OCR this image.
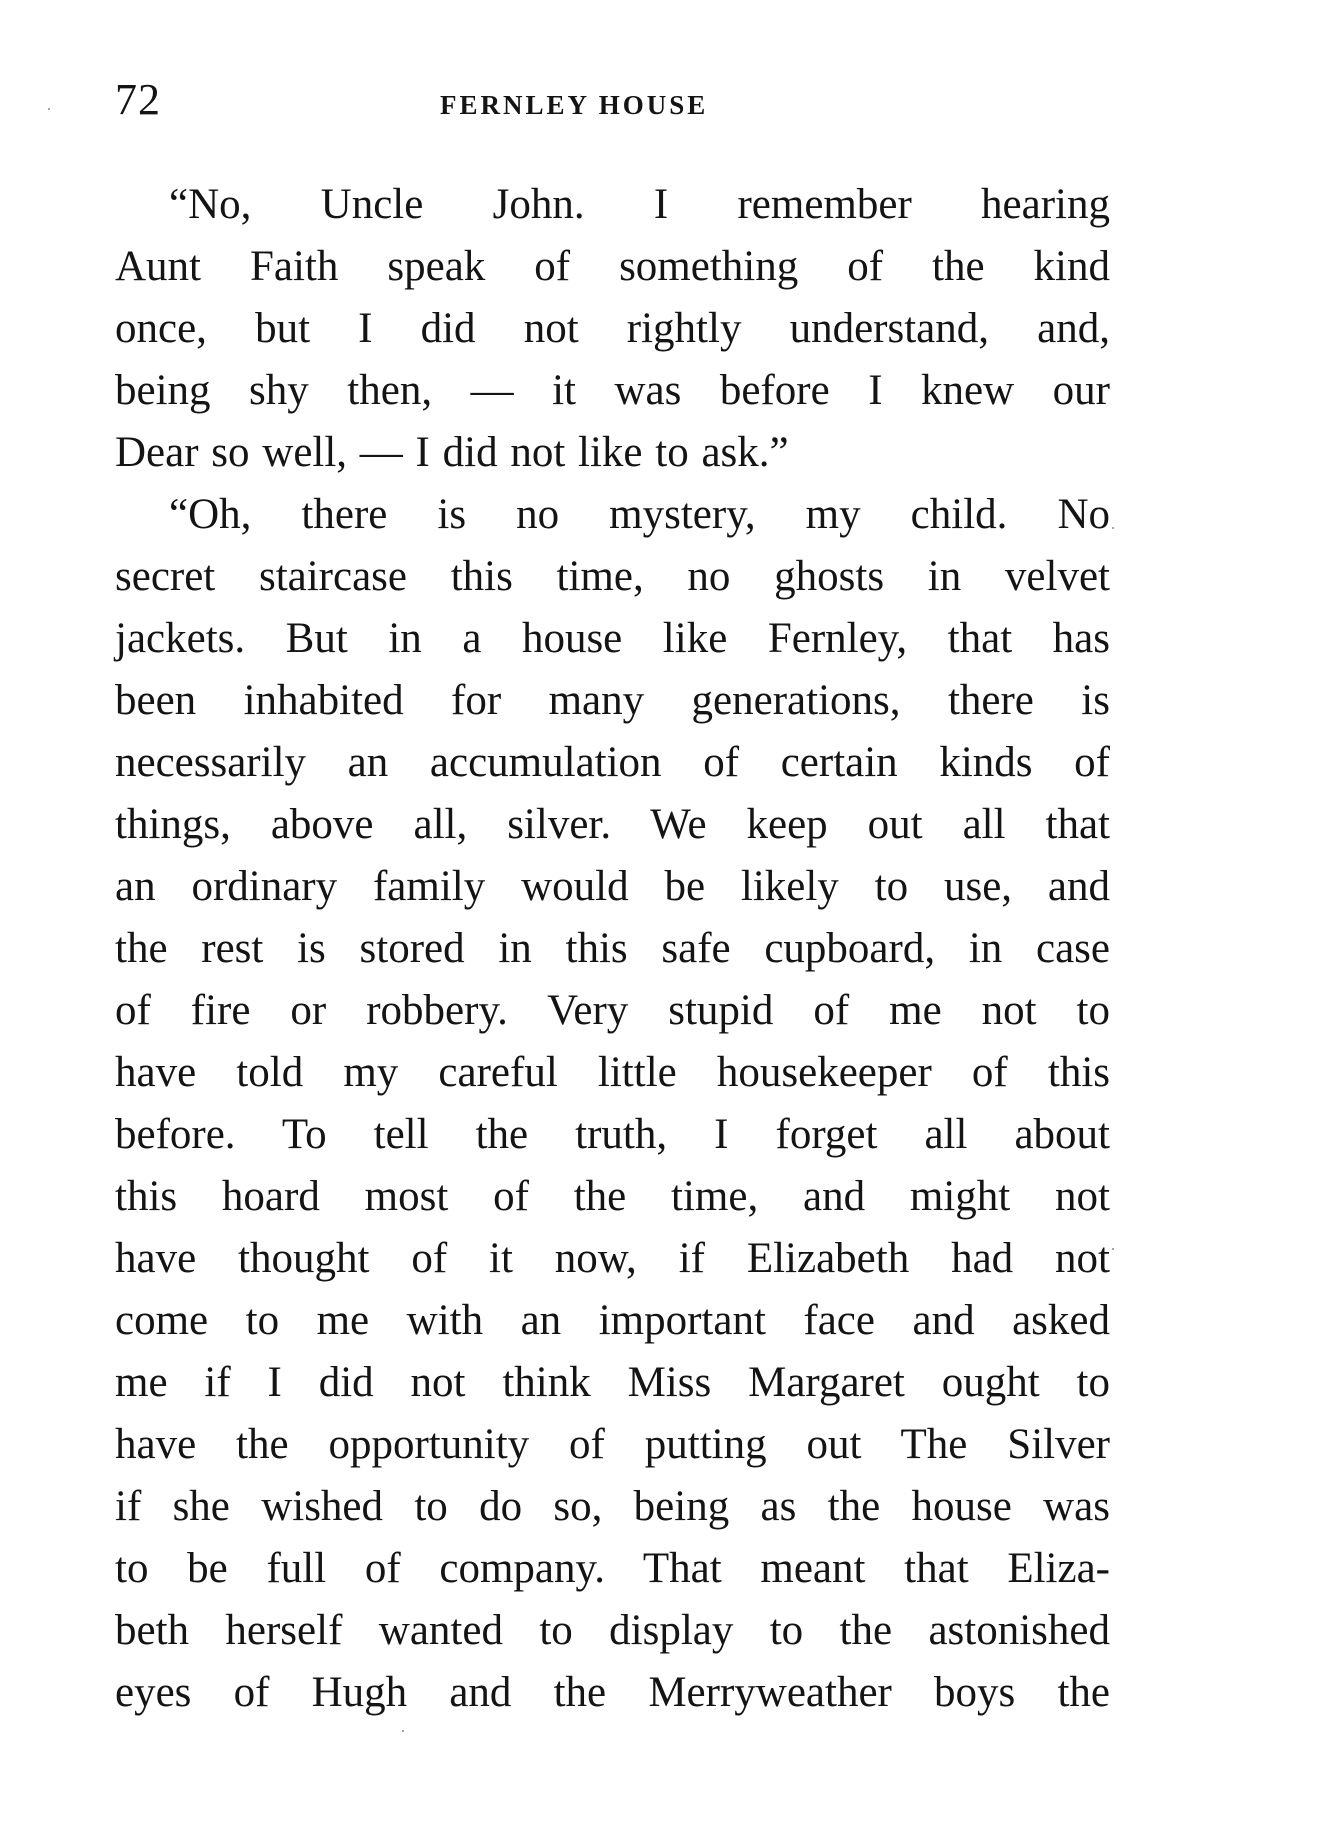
72	FERNLEY HOUSE
“No, Uncle John. I remember hearing
Aunt Faith speak of something of the kind
once, but I did not rightly understand, and,
being shy then, — it was before I knew our
Dear so well, — I did not like to ask.”
“Oh, there is no mystery, my child. No
secret staircase this time, no ghosts in velvet
jackets. But in a house like Fernley, that has
been inhabited for many generations, there is
necessarily an accumulation of certain kinds of
things, above all, silver. We keep out all that
an ordinary family would be likely to use, and
the rest is stored in this safe cupboard, in case
of fire or robbery. Very stupid of me not to
have told my careful little housekeeper of this
before. To tell the truth, I forget all about
this hoard most of the time, and might not
have thought of it now, if Elizabeth had not
come to me with an important face and asked
me if I did not think Miss Margaret ought to
have the opportunity of putting out The Silver
if she wished to do so, being as the house was
to be full of company. That meant that Eliza-
beth herself wanted to display to the astonished
eyes of Hugh and the Merryweather boys the
